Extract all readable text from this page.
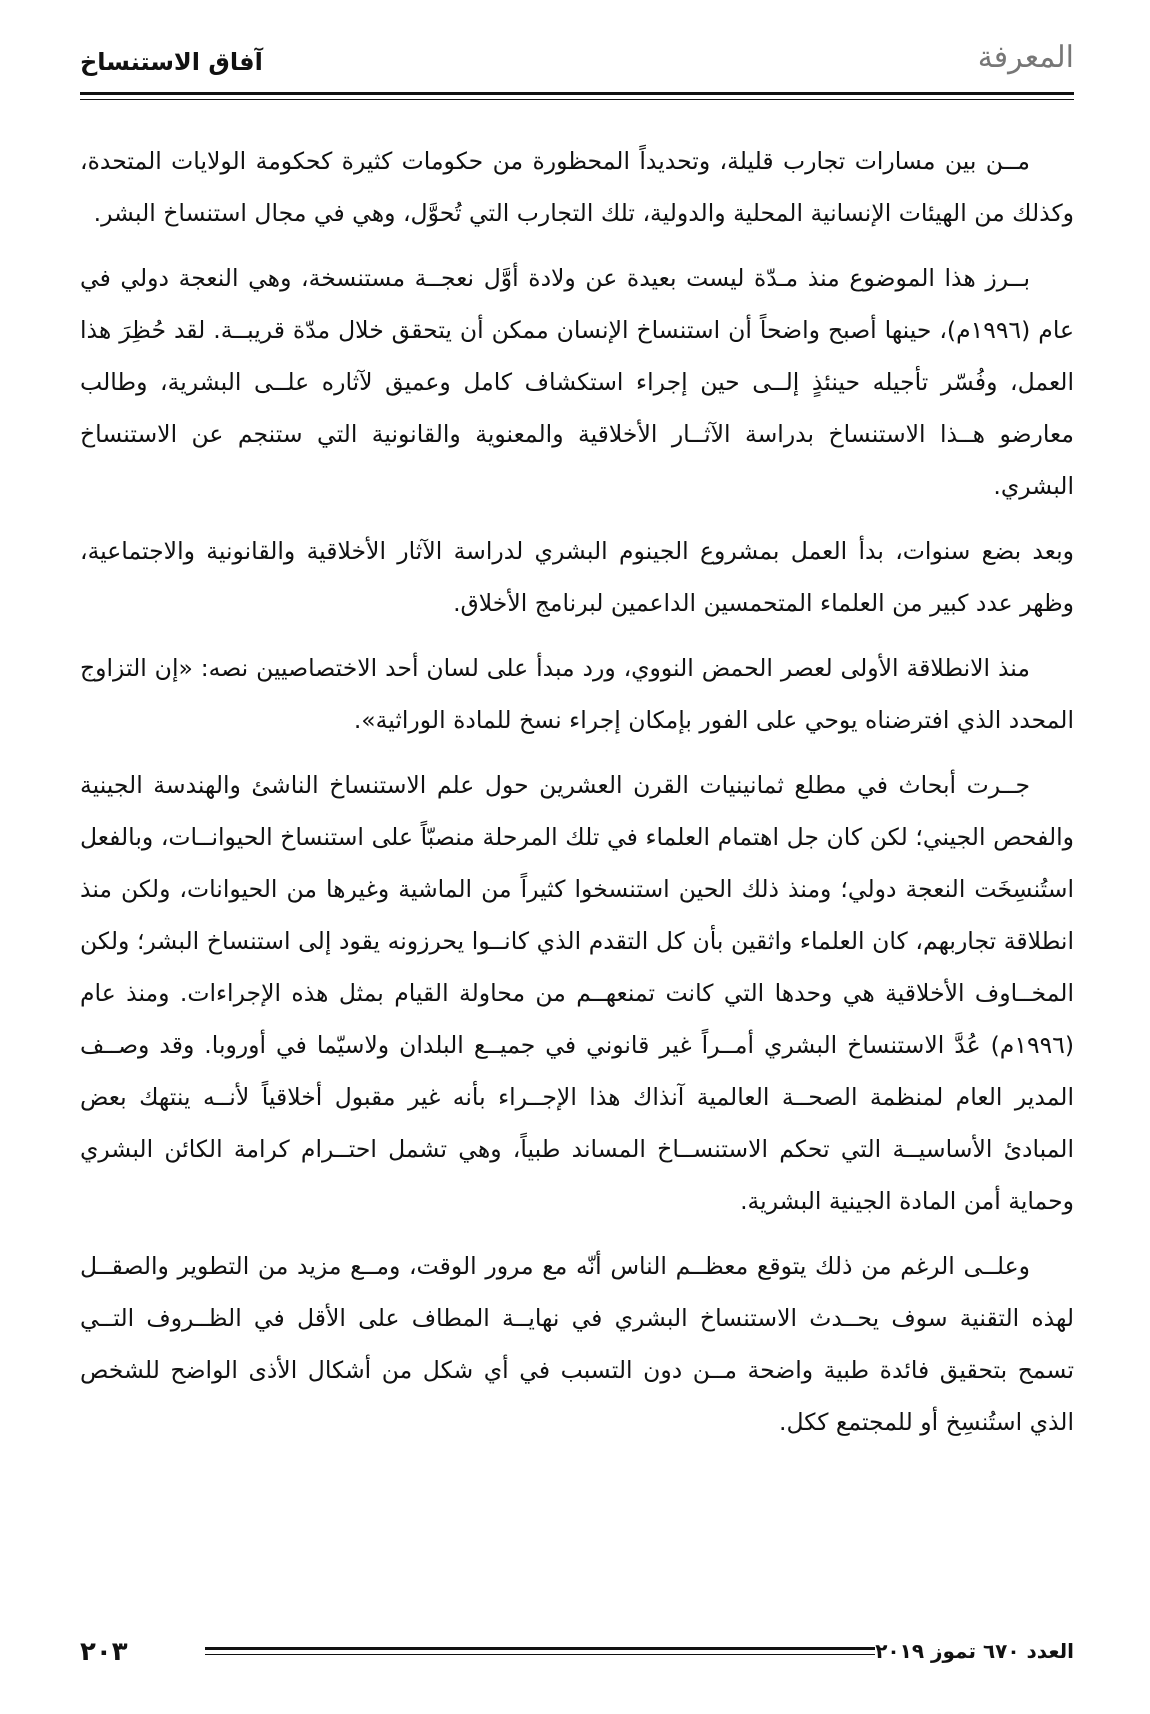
آفاق الاستنساخ	المعرفة

مــن بين مسارات تجارب قليلة، وتحديداً المحظورة من حكومات كثيرة كحكومة الولايات المتحدة، وكذلك من الهيئات الإنسانية المحلية والدولية، تلك التجارب التي تُحوَّل، وهي في مجال استنساخ البشر.

بــرز هذا الموضوع منذ مـدّة ليست بعيدة عن ولادة أوَّل نعجــة مستنسخة، وهي النعجة دولي في عام (١٩٩٦م)، حينها أصبح واضحاً أن استنساخ الإنسان ممكن أن يتحقق خلال مدّة قريبــة. لقد حُظِرَ هذا العمل، وفُسّر تأجيله حينئذٍ إلــى حين إجراء استكشاف كامل وعميق لآثاره علــى البشرية، وطالب معارضو هــذا الاستنساخ بدراسة الآثــار الأخلاقية والمعنوية والقانونية التي ستنجم عن الاستنساخ البشري.

وبعد بضع سنوات، بدأ العمل بمشروع الجينوم البشري لدراسة الآثار الأخلاقية والقانونية والاجتماعية، وظهر عدد كبير من العلماء المتحمسين الداعمين لبرنامج الأخلاق.

منذ الانطلاقة الأولى لعصر الحمض النووي، ورد مبدأ على لسان أحد الاختصاصيين نصه: «إن التزاوج المحدد الذي افترضناه يوحي على الفور بإمكان إجراء نسخ للمادة الوراثية».

جــرت أبحاث في مطلع ثمانينيات القرن العشرين حول علم الاستنساخ الناشئ والهندسة الجينية والفحص الجيني؛ لكن كان جل اهتمام العلماء في تلك المرحلة منصبّاً على استنساخ الحيوانــات، وبالفعل استُنسِخَت النعجة دولي؛ ومنذ ذلك الحين استنسخوا كثيراً من الماشية وغيرها من الحيوانات، ولكن منذ انطلاقة تجاربهم، كان العلماء واثقين بأن كل التقدم الذي كانــوا يحرزونه يقود إلى استنساخ البشر؛ ولكن المخــاوف الأخلاقية هي وحدها التي كانت تمنعهــم من محاولة القيام بمثل هذه الإجراءات. ومنذ عام (١٩٩٦م) عُدَّ الاستنساخ البشري أمــراً غير قانوني في جميــع البلدان ولاسيّما في أوروبا. وقد وصــف المدير العام لمنظمة الصحــة العالمية آنذاك هذا الإجــراء بأنه غير مقبول أخلاقياً لأنــه ينتهك بعض المبادئ الأساسيــة التي تحكم الاستنســاخ المساند طبياً، وهي تشمل احتــرام كرامة الكائن البشري وحماية أمن المادة الجينية البشرية.

وعلــى الرغم من ذلك يتوقع معظــم الناس أنّه مع مرور الوقت، ومــع مزيد من التطوير والصقــل لهذه التقنية سوف يحــدث الاستنساخ البشري في نهايــة المطاف على الأقل في الظــروف التــي تسمح بتحقيق فائدة طبية واضحة مــن دون التسبب في أي شكل من أشكال الأذى الواضح للشخص الذي استُنسِخ أو للمجتمع ككل.

٢٠٣	العدد ٦٧٠ تموز ٢٠١٩
